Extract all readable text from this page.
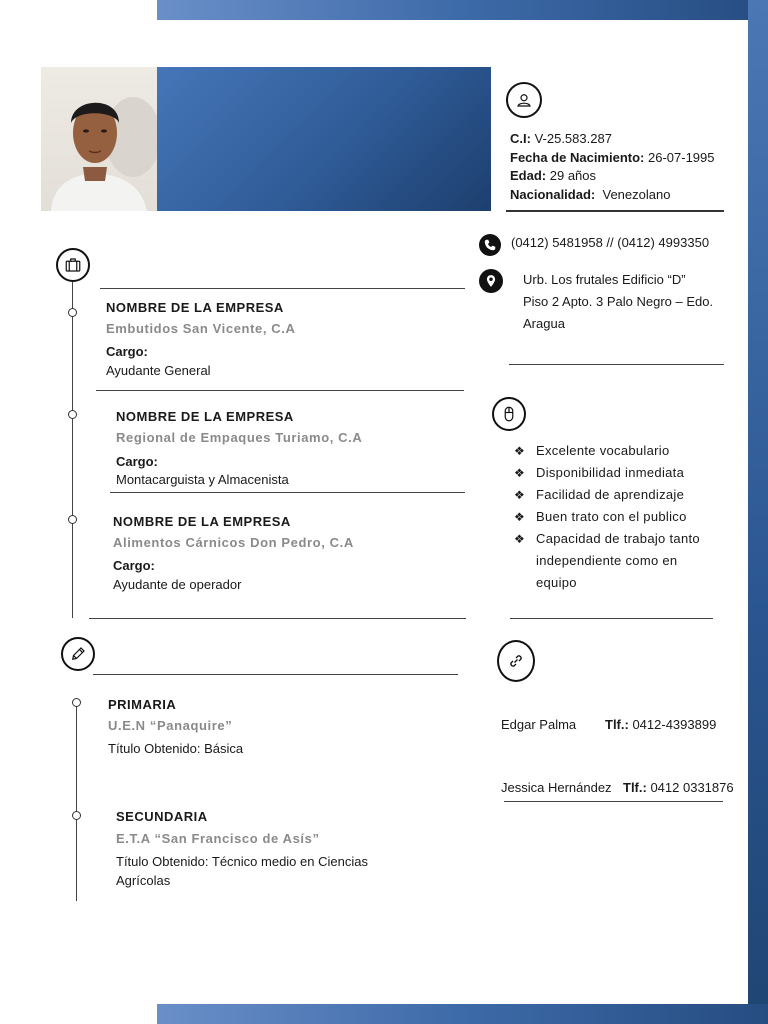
C.I: V-25.583.287
Fecha de Nacimiento: 26-07-1995
Edad: 29 años
Nacionalidad: Venezolano
(0412) 5481958 // (0412) 4993350
Urb. Los frutales Edificio “D”
Piso 2 Apto. 3 Palo Negro – Edo.
Aragua
NOMBRE DE LA EMPRESA
Embutidos San Vicente, C.A
Cargo:
Ayudante General
NOMBRE DE LA EMPRESA
Regional de Empaques Turiamo, C.A
Cargo:
Montacarguista y Almacenista
NOMBRE DE LA EMPRESA
Alimentos Cárnicos Don Pedro, C.A
Cargo:
Ayudante de operador
❖ Excelente vocabulario
❖ Disponibilidad inmediata
❖ Facilidad de aprendizaje
❖ Buen trato con el publico
❖ Capacidad de trabajo tanto
independiente como en
equipo
PRIMARIA
U.E.N “Panaquire”
Título Obtenido: Básica
SECUNDARIA
E.T.A “San Francisco de Asís”
Título Obtenido: Técnico medio en Ciencias
Agrícolas
Edgar Palma Tlf.: 0412-4393899
Jessica Hernández Tlf.: 0412 0331876
